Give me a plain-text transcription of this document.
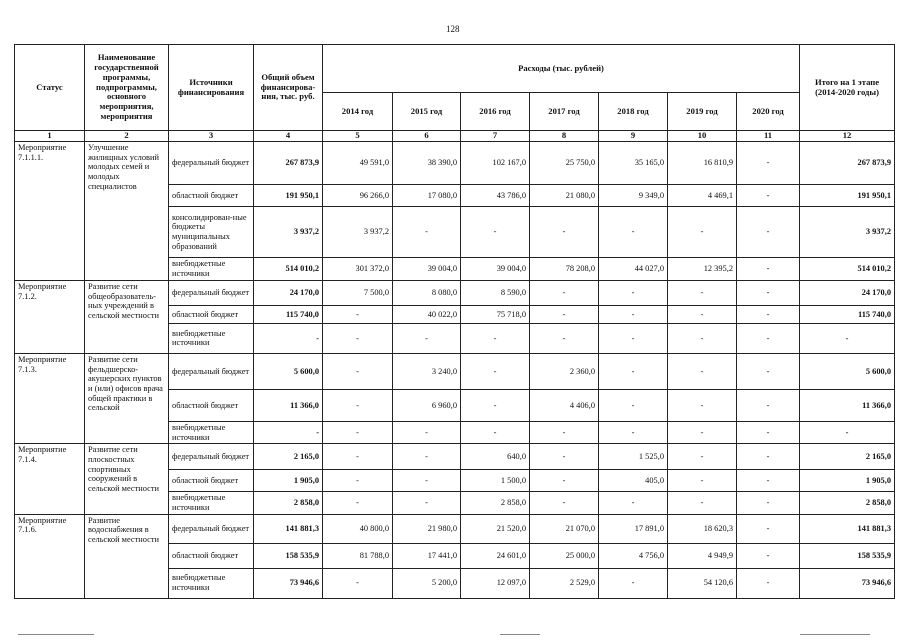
128
Статус	Наименование государственной программы, подпрограммы, основного мероприятия, мероприятия	Источники финансирования	Общий объем финансирова-ния, тыс. руб.	Расходы (тыс. рублей)							Итого на 1 этапе (2014-2020 годы)
				2014 год	2015 год	2016 год	2017 год	2018 год	2019 год	2020 год	
1	2	3	4	5	6	7	8	9	10	11	12
Мероприятие 7.1.1.1.	Улучшение жилищных условий молодых семей и молодых специалистов	федеральный бюджет	267 873,9	49 591,0	38 390,0	102 167,0	25 750,0	35 165,0	16 810,9	-	267 873,9
		областной бюджет	191 950,1	96 266,0	17 080,0	43 786,0	21 080,0	9 349,0	4 469,1	-	191 950,1
		консолидирован-ные бюджеты муниципальных образований	3 937,2	3 937,2	-	-	-	-	-	-	3 937,2
		внебюджетные источники	514 010,2	301 372,0	39 004,0	39 004,0	78 208,0	44 027,0	12 395,2	-	514 010,2
Мероприятие 7.1.2.	Развитие сети общеобразователь-ных учреждений в сельской местности	федеральный бюджет	24 170,0	7 500,0	8 080,0	8 590,0	-	-	-	-	24 170,0
		областной бюджет	115 740,0	-	40 022,0	75 718,0	-	-	-	-	115 740,0
		внебюджетные источники	-	-	-	-	-	-	-	-	-
Мероприятие 7.1.3.	Развитие сети фельдшерско-акушерских пунктов и (или) офисов врача общей практики в сельской	федеральный бюджет	5 600,0	-	3 240,0	-	2 360,0	-	-	-	5 600,0
		областной бюджет	11 366,0	-	6 960,0	-	4 406,0	-	-	-	11 366,0
		внебюджетные источники	-	-	-	-	-	-	-	-	-
Мероприятие 7.1.4.	Развитие сети плоскостных спортивных сооружений в сельской местности	федеральный бюджет	2 165,0	-	-	640,0	-	1 525,0	-	-	2 165,0
		областной бюджет	1 905,0	-	-	1 500,0	-	405,0	-	-	1 905,0
		внебюджетные источники	2 858,0	-	-	2 858,0	-	-	-	-	2 858,0
Мероприятие 7.1.6.	Развитие водоснабжения в сельской местности	федеральный бюджет	141 881,3	40 800,0	21 980,0	21 520,0	21 070,0	17 891,0	18 620,3	-	141 881,3
		областной бюджет	158 535,9	81 788,0	17 441,0	24 601,0	25 000,0	4 756,0	4 949,9	-	158 535,9
		внебюджетные источники	73 946,6	-	5 200,0	12 097,0	2 529,0	-	54 120,6	-	73 946,6
